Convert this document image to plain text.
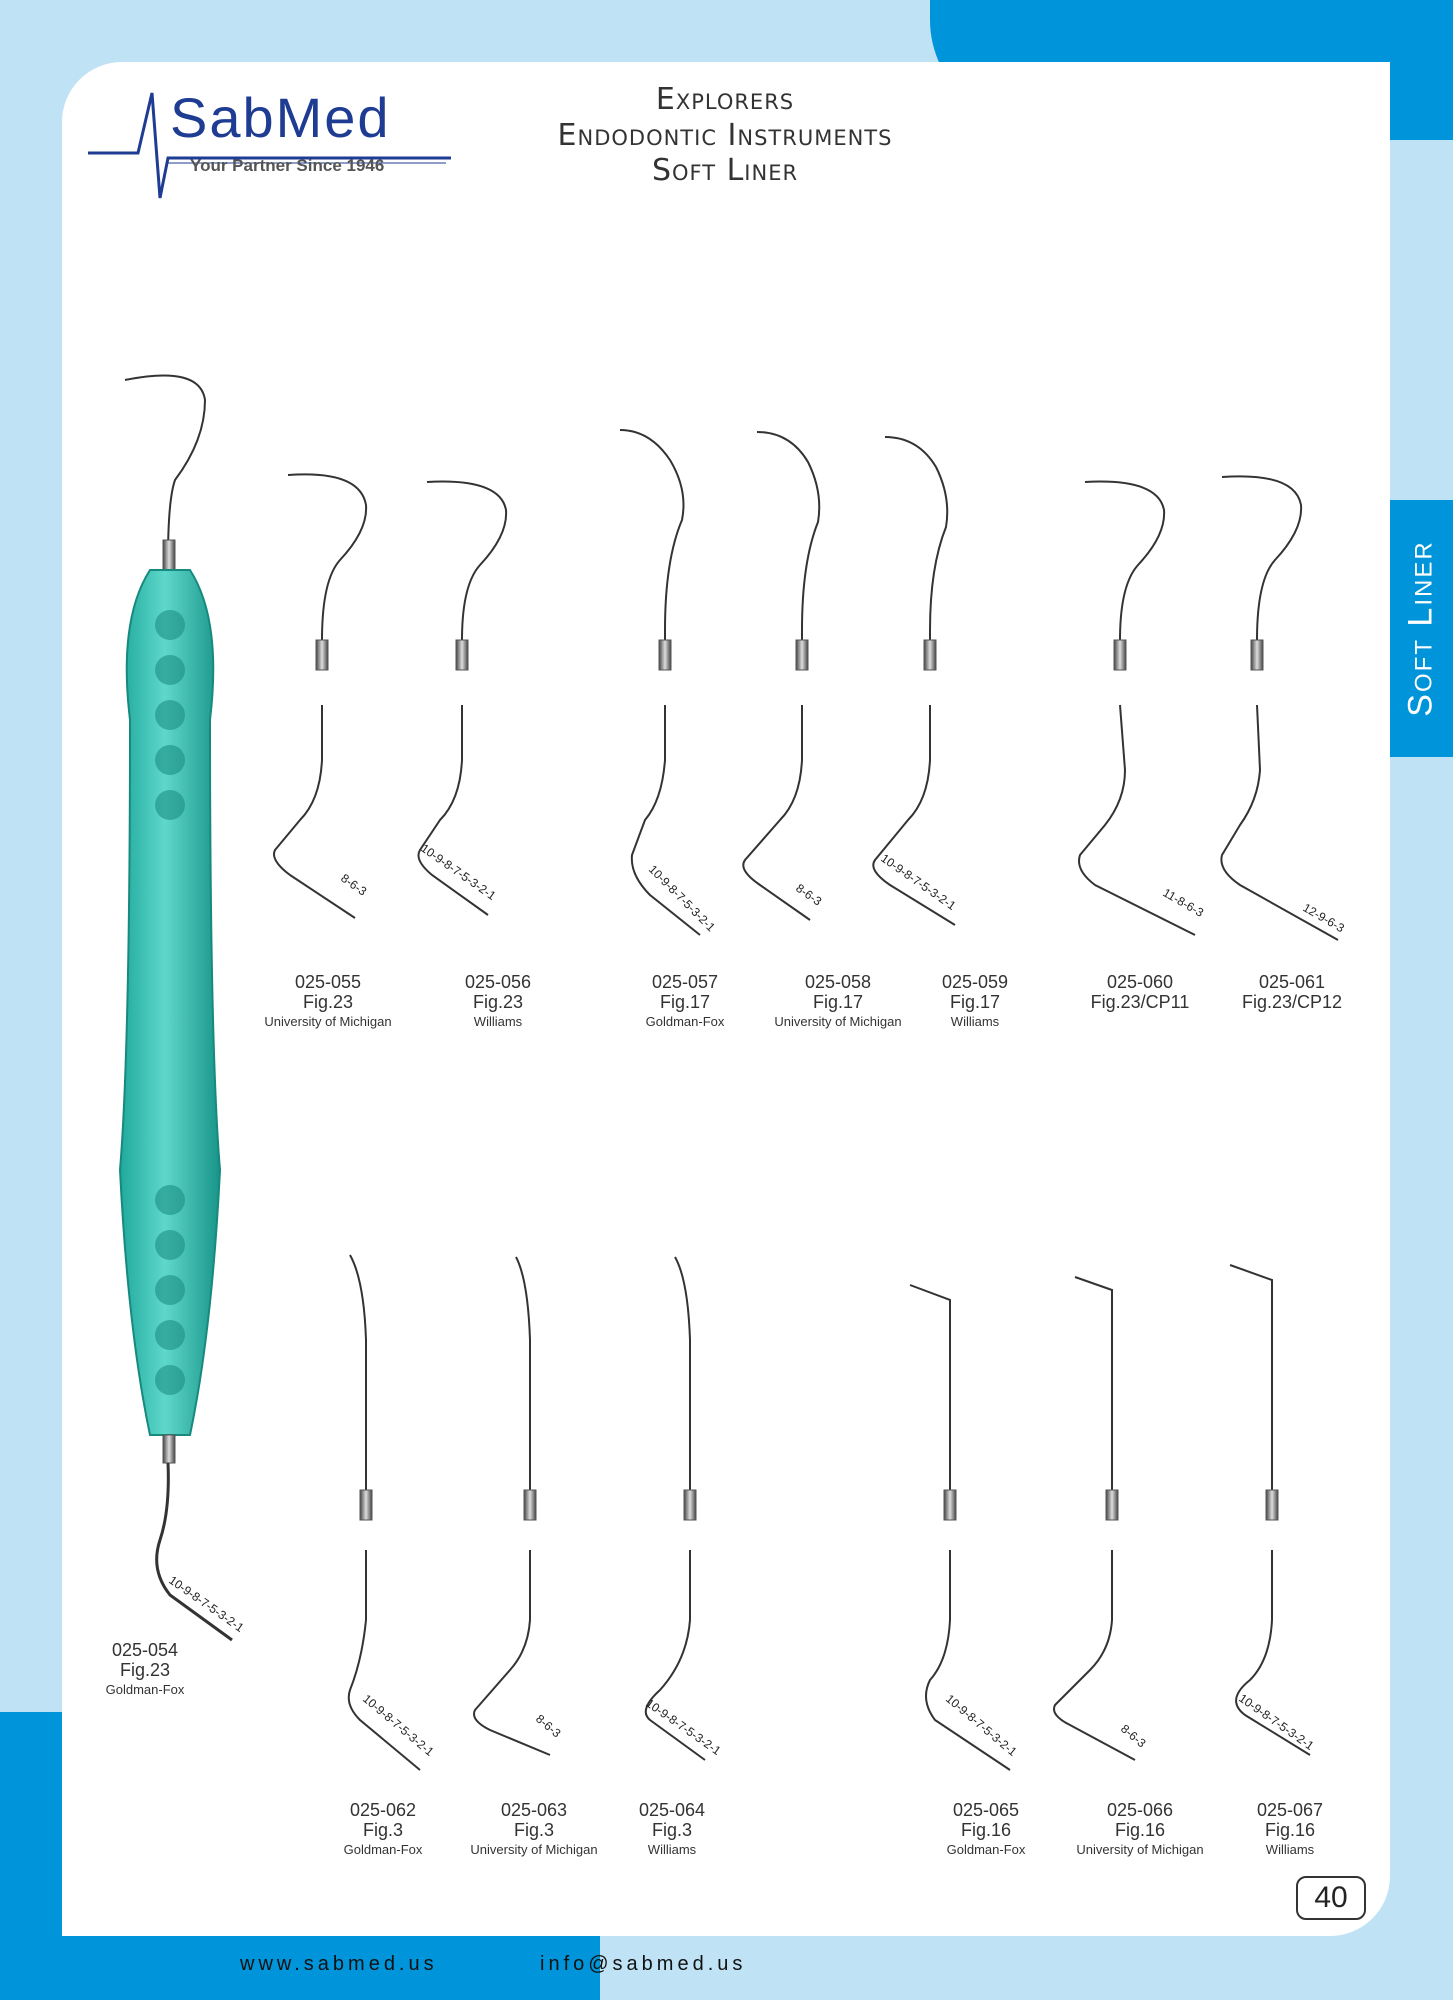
Soft Liner
SabMed
Your Partner Since 1946
Explorers
Endodontic Instruments
Soft Liner
10-9-8-7-5-3-2-1
8-6-3	10-9-8-7-5-3-2-1	10-9-8-7-5-3-2-1	8-6-3	10-9-8-7-5-3-2-1	11-8-6-3	12-9-6-3
10-9-8-7-5-3-2-1	8-6-3	10-9-8-7-5-3-2-1	10-9-8-7-5-3-2-1	8-6-3	10-9-8-7-5-3-2-1
025-054
Fig.23
Goldman-Fox
025-055
Fig.23
University of Michigan
025-056
Fig.23
Williams
025-057
Fig.17
Goldman-Fox
025-058
Fig.17
University of Michigan
025-059
Fig.17
Williams
025-060
Fig.23/CP11
025-061
Fig.23/CP12
025-062
Fig.3
Goldman-Fox
025-063
Fig.3
University of Michigan
025-064
Fig.3
Williams
025-065
Fig.16
Goldman-Fox
025-066
Fig.16
University of Michigan
025-067
Fig.16
Williams
40
www.sabmed.us	info@sabmed.us
